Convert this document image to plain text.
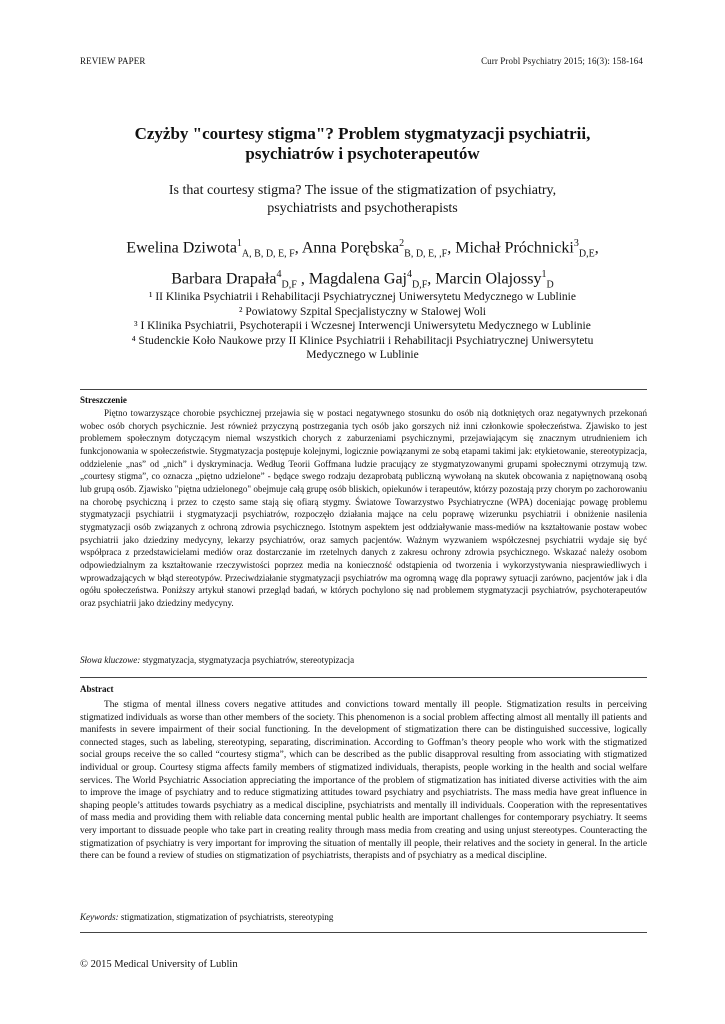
REVIEW PAPER	Curr Probl Psychiatry 2015; 16(3): 158-164
Czyżby "courtesy stigma"? Problem stygmatyzacji psychiatrii,
psychiatrów i psychoterapeutów
Is that courtesy stigma? The issue of the stigmatization of psychiatry,
psychiatrists and psychotherapists
Ewelina Dziwota$^1_{A, B, D, E, F}$, Anna Porębska$^2_{B, D, E, ,F}$, Michał Próchnicki$^3_{D,E}$,
Barbara Drapała$^4_{D,F}$ , Magdalena Gaj$^4_{D,F}$, Marcin Olajossy$^1_D$
¹ II Klinika Psychiatrii i Rehabilitacji Psychiatrycznej Uniwersytetu Medycznego w Lublinie
² Powiatowy Szpital Specjalistyczny w Stalowej Woli
³ I Klinika Psychiatrii, Psychoterapii i Wczesnej Interwencji Uniwersytetu Medycznego w Lublinie
⁴ Studenckie Koło Naukowe przy II Klinice Psychiatrii i Rehabilitacji Psychiatrycznej Uniwersytetu
Medycznego w Lublinie
Streszczenie

Piętno towarzyszące chorobie psychicznej przejawia się w postaci negatywnego stosunku do osób nią dotkniętych oraz negatywnych przekonań wobec osób chorych psychicznie. Jest również przyczyną postrzegania tych osób jako gorszych niż inni członkowie społeczeństwa. Zjawisko to jest problemem społecznym dotyczącym niemal wszystkich chorych z zaburzeniami psychicznymi, przejawiającym się znacznym utrudnieniem ich funkcjonowania w społeczeństwie. Stygmatyzacja postępuje kolejnymi, logicznie powiązanymi ze sobą etapami takimi jak: etykietowanie, stereotypizacja, oddzielenie „nas” od „nich” i dyskryminacja. Według Teorii Goffmana ludzie pracujący ze stygmatyzowanymi grupami społecznymi otrzymują tzw. „courtesy stigma”, co oznacza „piętno udzielone” - będące swego rodzaju dezaprobatą publiczną wywołaną na skutek obcowania z napiętnowaną osobą lub grupą osób. Zjawisko "piętna udzielonego" obejmuje całą grupę osób bliskich, opiekunów i terapeutów, którzy pozostają przy chorym po zachorowaniu na chorobę psychiczną i przez to często same stają się ofiarą stygmy. Światowe Towarzystwo Psychiatryczne (WPA) doceniając powagę problemu stygmatyzacji psychiatrii i stygmatyzacji psychiatrów, rozpoczęło działania mające na celu poprawę wizerunku psychiatrii i obniżenie nasilenia stygmatyzacji osób związanych z ochroną zdrowia psychicznego. Istotnym aspektem jest oddziaływanie mass-mediów na kształtowanie postaw wobec psychiatrii jako dziedziny medycyny, lekarzy psychiatrów, oraz samych pacjentów. Ważnym wyzwaniem współczesnej psychiatrii wydaje się być współpraca z przedstawicielami mediów oraz dostarczanie im rzetelnych danych z zakresu ochrony zdrowia psychicznego. Wskazać należy osobom odpowiedzialnym za kształtowanie rzeczywistości poprzez media na konieczność odstąpienia od tworzenia i wykorzystywania niesprawiedliwych i wprowadzających w błąd stereotypów. Przeciwdziałanie stygmatyzacji psychiatrów ma ogromną wagę dla poprawy sytuacji zarówno, pacjentów jak i dla ogółu społeczeństwa. Poniższy artykuł stanowi przegląd badań, w których pochylono się nad problemem stygmatyzacji psychiatrów, psychoterapeutów oraz psychiatrii jako dziedziny medycyny.

Słowa kluczowe: stygmatyzacja, stygmatyzacja psychiatrów, stereotypizacja
Abstract

The stigma of mental illness covers negative attitudes and convictions toward mentally ill people. Stigmatization results in perceiving stigmatized individuals as worse than other members of the society. This phenomenon is a social problem affecting almost all mentally ill patients and manifests in severe impairment of their social functioning. In the development of stigmatization there can be distinguished successive, logically connected stages, such as labeling, stereotyping, separating, discrimination. According to Goffman’s theory people who work with the stigmatized social groups receive the so called “courtesy stigma”, which can be described as the public disapproval resulting from associating with stigmatized individual or group. Courtesy stigma affects family members of stigmatized individuals, therapists, people working in the health and social welfare services. The World Psychiatric Association appreciating the importance of the problem of stigmatization has initiated diverse activities with the aim to improve the image of psychiatry and to reduce stigmatizing attitudes toward psychiatry and psychiatrists. The mass media have great influence in shaping people’s attitudes towards psychiatry as a medical discipline, psychiatrists and mentally ill individuals. Cooperation with the representatives of mass media and providing them with reliable data concerning mental public health are important challenges for contemporary psychiatry. It seems very important to dissuade people who take part in creating reality through mass media from creating and using unjust stereotypes. Counteracting the stigmatization of psychiatry is very important for improving the situation of mentally ill people, their relatives and the society in general. In the article there can be found a review of studies on stigmatization of psychiatrists, therapists and of psychiatry as a medical discipline.

Keywords: stigmatization, stigmatization of psychiatrists, stereotyping
© 2015 Medical University of Lublin
